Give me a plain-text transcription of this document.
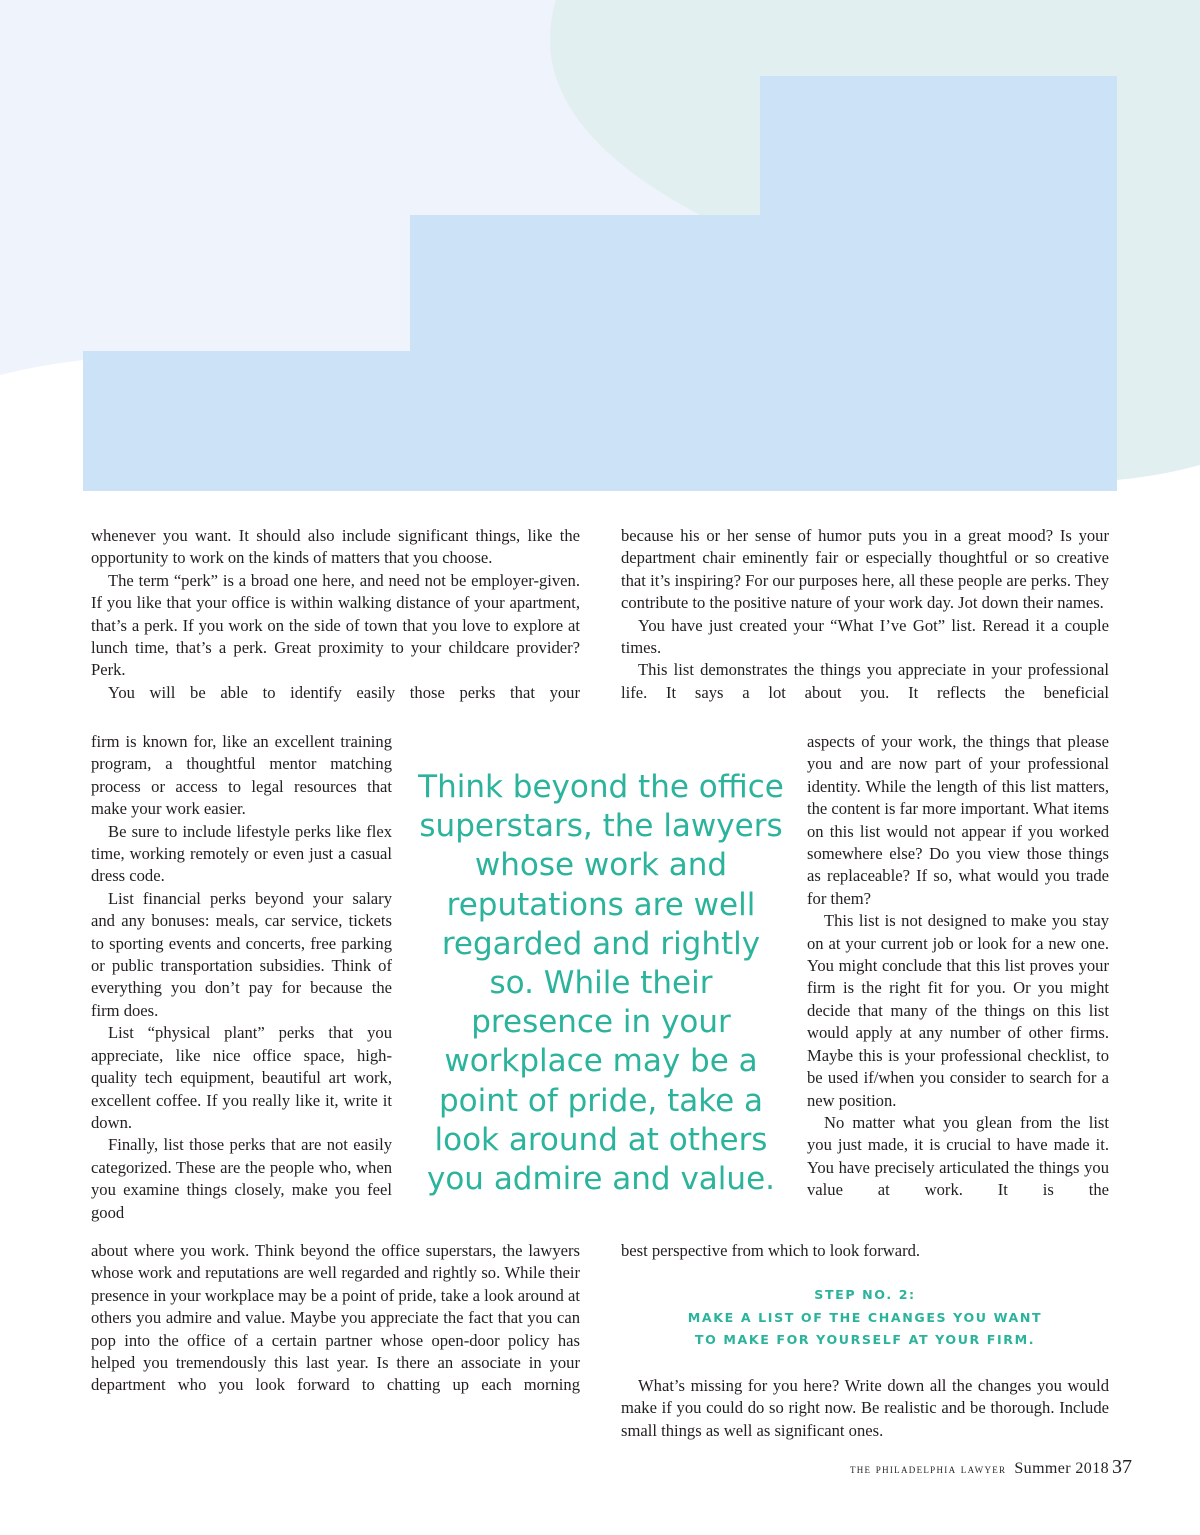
whenever you want. It should also include significant things, like the opportunity to work on the kinds of matters that you choose.

The term “perk” is a broad one here, and need not be employer-given. If you like that your office is within walking distance of your apartment, that’s a perk. If you work on the side of town that you love to explore at lunch time, that’s a perk. Great proximity to your childcare provider? Perk.

You will be able to identify easily those perks that your

firm is known for, like an excellent training program, a thoughtful mentor matching process or access to legal resources that make your work easier.

Be sure to include lifestyle perks like flex time, working remotely or even just a casual dress code.

List financial perks beyond your salary and any bonuses: meals, car service, tickets to sporting events and concerts, free parking or public transportation subsidies. Think of everything you don’t pay for because the firm does.

List “physical plant” perks that you appreciate, like nice office space, high-quality tech equipment, beautiful art work, excellent coffee. If you really like it, write it down.

Finally, list those perks that are not easily categorized. These are the people who, when you examine things closely, make you feel good

about where you work. Think beyond the office superstars, the lawyers whose work and reputations are well regarded and rightly so. While their presence in your workplace may be a point of pride, take a look around at others you admire and value. Maybe you appreciate the fact that you can pop into the office of a certain partner whose open-door policy has helped you tremendously this last year. Is there an associate in your department who you look forward to chatting up each morning

Think beyond the office superstars, the lawyers whose work and reputations are well regarded and rightly so. While their presence in your workplace may be a point of pride, take a look around at others you admire and value.

because his or her sense of humor puts you in a great mood? Is your department chair eminently fair or especially thoughtful or so creative that it’s inspiring? For our purposes here, all these people are perks. They contribute to the positive nature of your work day. Jot down their names.

You have just created your “What I’ve Got” list. Reread it a couple times.

This list demonstrates the things you appreciate in your professional life. It says a lot about you. It reflects the beneficial

aspects of your work, the things that please you and are now part of your professional identity. While the length of this list matters, the content is far more important. What items on this list would not appear if you worked somewhere else? Do you view those things as replaceable? If so, what would you trade for them?

This list is not designed to make you stay on at your current job or look for a new one. You might conclude that this list proves your firm is the right fit for you. Or you might decide that many of the things on this list would apply at any number of other firms. Maybe this is your professional checklist, to be used if/when you consider to search for a new position.

No matter what you glean from the list you just made, it is crucial to have made it. You have precisely articulated the things you value at work. It is the

best perspective from which to look forward.

STEP NO. 2:
MAKE A LIST OF THE CHANGES YOU WANT
TO MAKE FOR YOURSELF AT YOUR FIRM.

What’s missing for you here? Write down all the changes you would make if you could do so right now. Be realistic and be thorough. Include small things as well as significant ones.

the philadelphia lawyer Summer 2018 37
